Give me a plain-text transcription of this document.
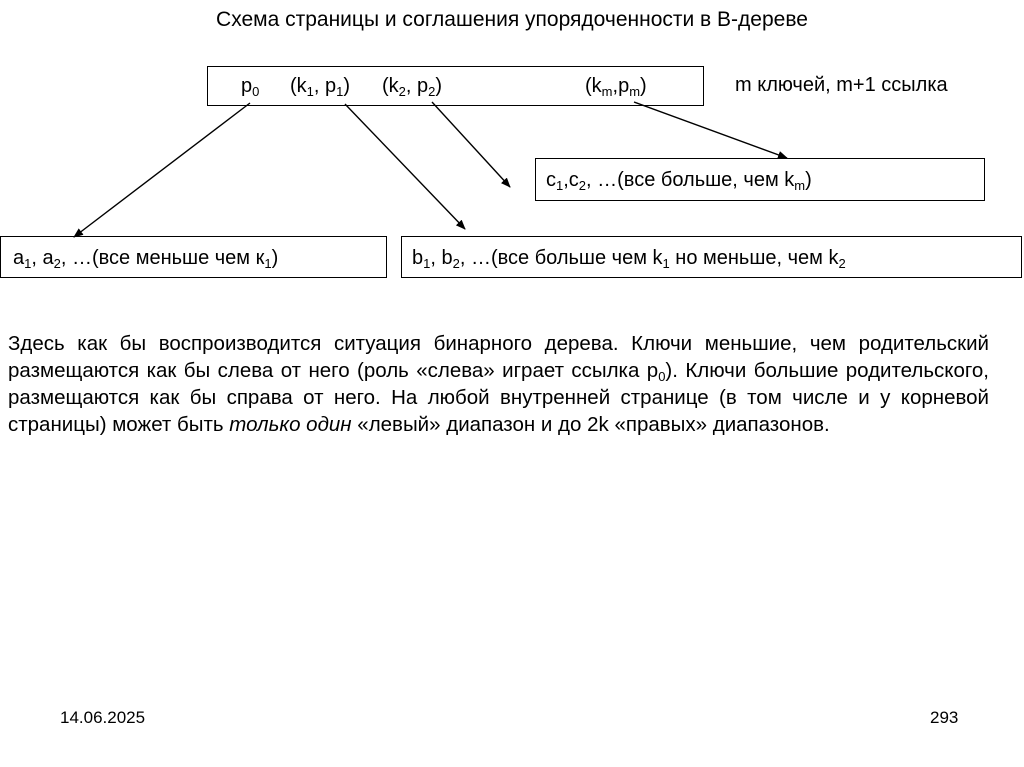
Схема страницы и соглашения упорядоченности в B-дереве
$p_0$ ($k_1$, $p_1$) ($k_2$, $p_2$)	$(k_m,p_m)$	m ключей, m+1 ссылка
$c_1,c_2$, …(все больше, чем $k_m$)
$a_1$, $a_2$, …(все меньше чем $к_1$)	$b_1$, $b_2$, …(все больше чем $k_1$ но меньше, чем $k_2$
Здесь как бы воспроизводится ситуация бинарного дерева. Ключи меньшие, чем родительский размещаются как бы слева от него (роль «слева» играет ссылка $p_0$). Ключи большие родительского, размещаются как бы справа от него. На любой внутренней странице (в том числе и у корневой страницы) может быть только один «левый» диапазон и до 2k «правых» диапазонов.
14.06.2025	293
